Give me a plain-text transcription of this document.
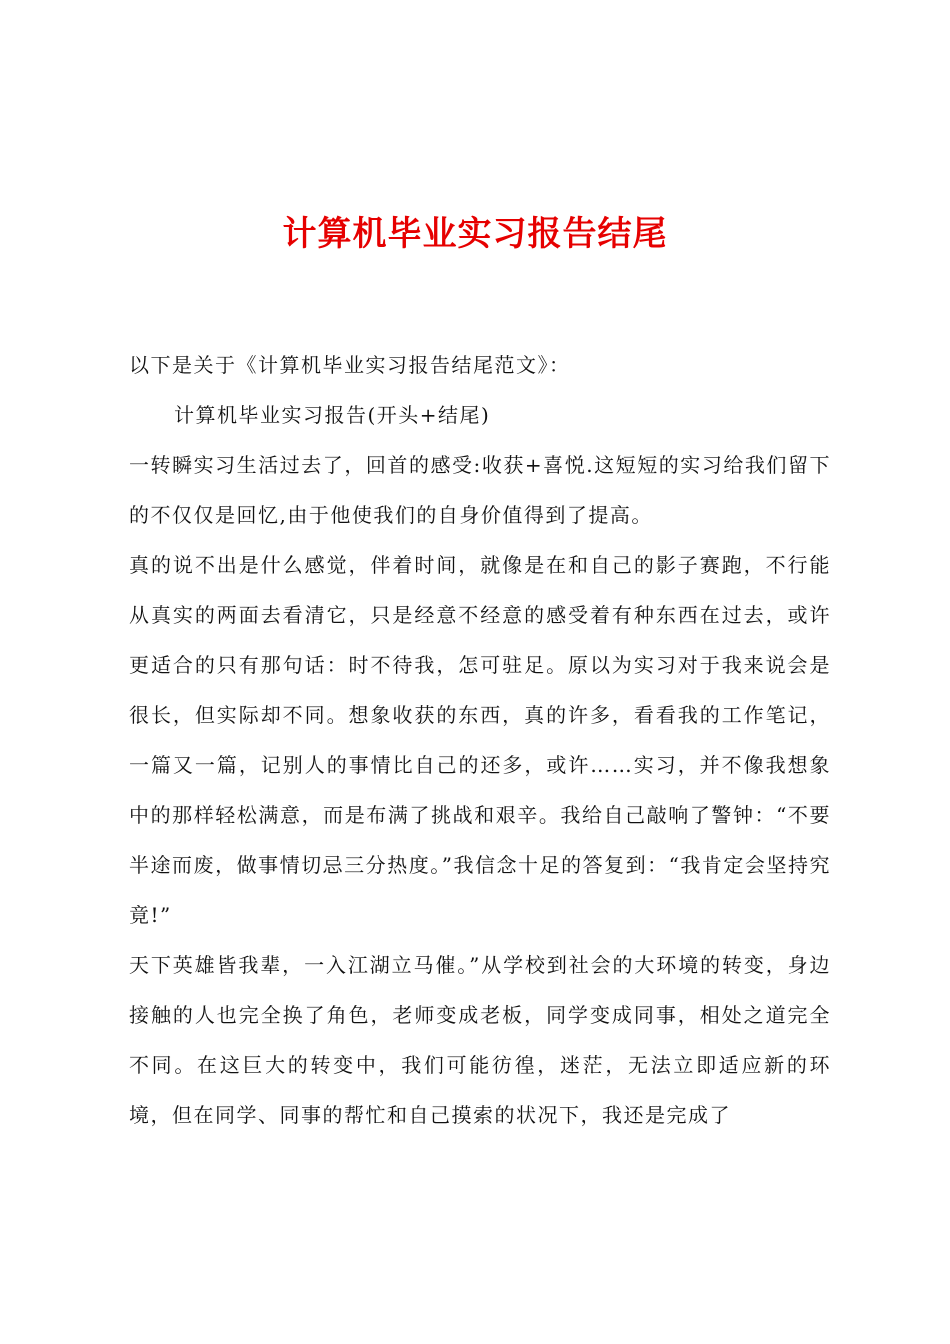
计算机毕业实习报告结尾

以下是关于《计算机毕业实习报告结尾范文》：

计算机毕业实习报告(开头+结尾)

一转瞬实习生活过去了，回首的感受:收获+喜悦.这短短的实习给我们留下的不仅仅是回忆,由于他使我们的自身价值得到了提高。

真的说不出是什么感觉，伴着时间，就像是在和自己的影子赛跑，不行能从真实的两面去看清它，只是经意不经意的感受着有种东西在过去，或许更适合的只有那句话：时不待我，怎可驻足。原以为实习对于我来说会是很长，但实际却不同。想象收获的东西，真的许多，看看我的工作笔记，一篇又一篇，记别人的事情比自己的还多，或许……实习，并不像我想象中的那样轻松满意，而是布满了挑战和艰辛。我给自己敲响了警钟：“不要半途而废，做事情切忌三分热度。”我信念十足的答复到：“我肯定会坚持究竟!”

天下英雄皆我辈，一入江湖立马催。”从学校到社会的大环境的转变，身边接触的人也完全换了角色，老师变成老板，同学变成同事，相处之道完全不同。在这巨大的转变中，我们可能彷徨，迷茫，无法立即适应新的环境，但在同学、同事的帮忙和自己摸索的状况下，我还是完成了
